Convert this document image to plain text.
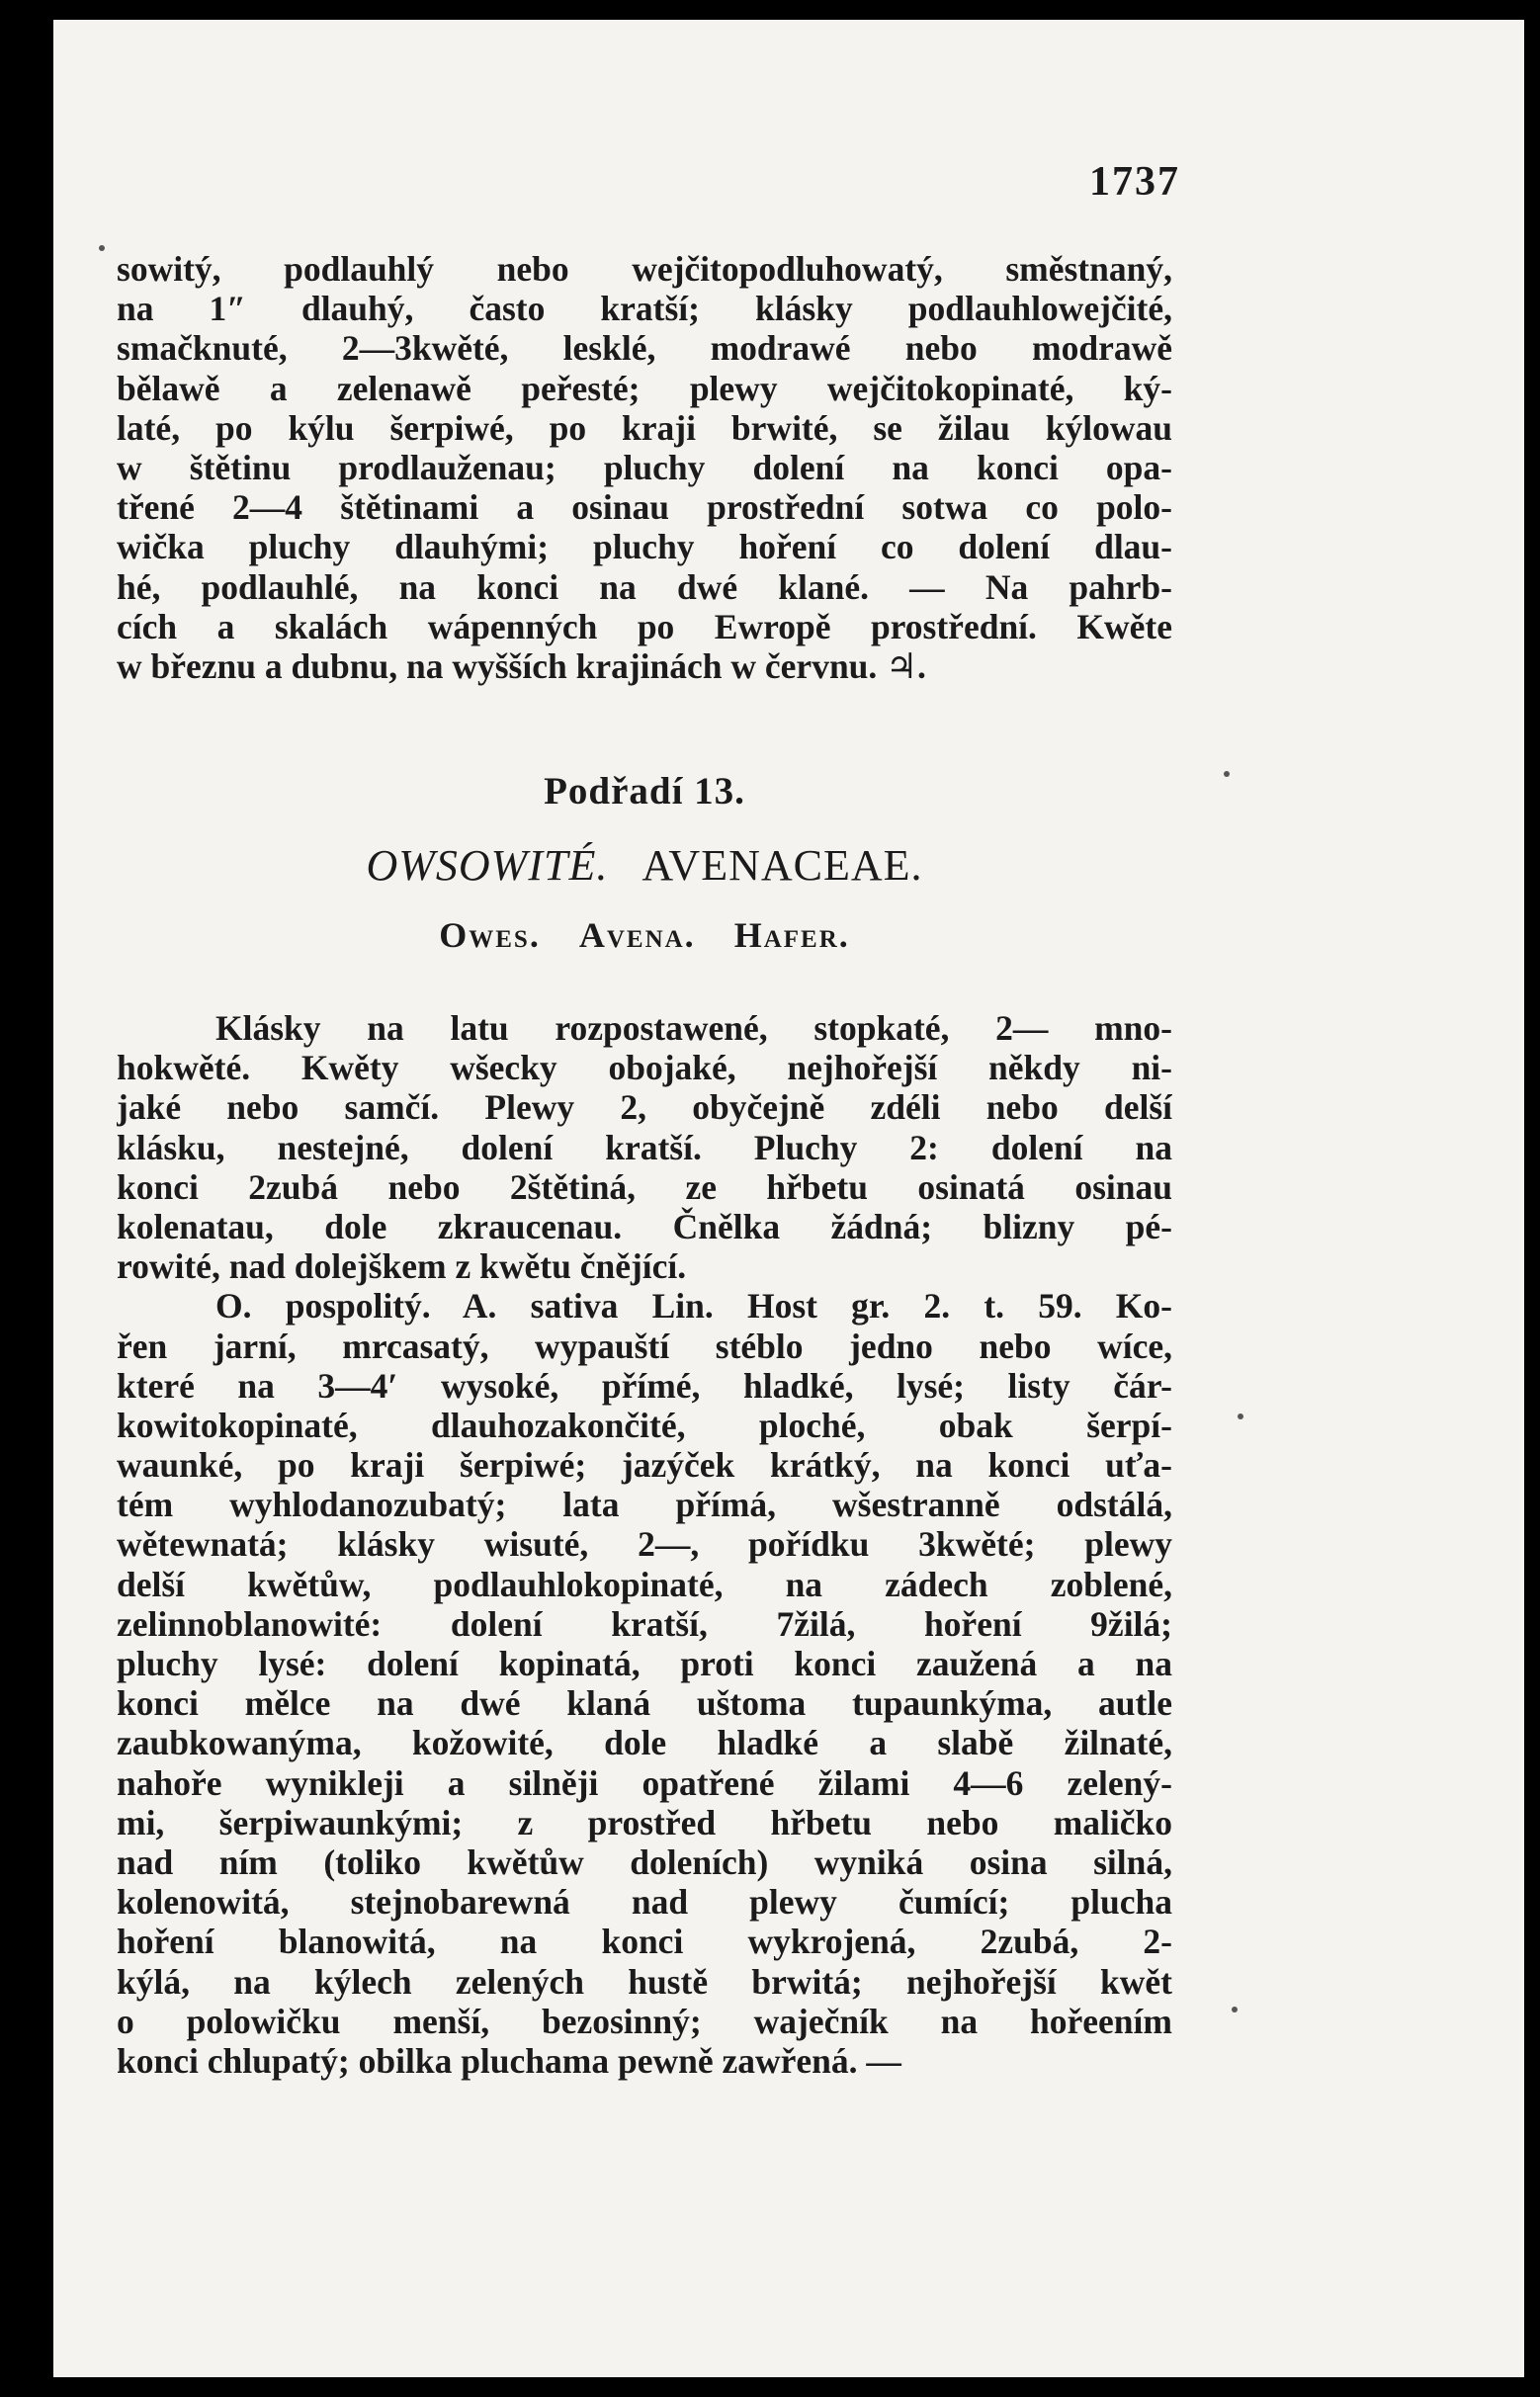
1737
sowitý, podlauhlý nebo wejčitopodluhowatý, směstnaný,
na 1″ dlauhý, často kratší; klásky podlauhlowejčité,
smačknuté, 2—3kwěté, lesklé, modrawé nebo modrawě
bělawě a zelenawě peřesté; plewy wejčitokopinaté, ký-
laté, po kýlu šerpiwé, po kraji brwité, se žilau kýlowau
w štětinu prodlauženau; pluchy dolení na konci opa-
třené 2—4 štětinami a osinau prostřední sotwa co polo-
wička pluchy dlauhými; pluchy hoření co dolení dlau-
hé, podlauhlé, na konci na dwé klané. — Na pahrb-
cích a skalách wápenných po Ewropě prostřední. Kwěte
w březnu a dubnu, na wyšších krajinách w červnu. ♃.
Podřadí 13.
OWSOWITÉ. AVENACEAE.
Owes. Avena. Hafer.
Klásky na latu rozpostawené, stopkaté, 2— mno-
hokwěté. Kwěty wšecky obojaké, nejhořejší někdy ni-
jaké nebo samčí. Plewy 2, obyčejně zdéli nebo delší
klásku, nestejné, dolení kratší. Pluchy 2: dolení na
konci 2zubá nebo 2štětiná, ze hřbetu osinatá osinau
kolenatau, dole zkraucenau. Čnělka žádná; blizny pé-
rowité, nad dolejškem z kwětu čnějící.
O. pospolitý. A. sativa Lin. Host gr. 2. t. 59. Ko-
řen jarní, mrcasatý, wypauští stéblo jedno nebo wíce,
které na 3—4′ wysoké, přímé, hladké, lysé; listy čár-
kowitokopinaté, dlauhozakončité, ploché, obak šerpí-
waunké, po kraji šerpiwé; jazýček krátký, na konci uťa-
tém wyhlodanozubatý; lata přímá, wšestranně odstálá,
wětewnatá; klásky wisuté, 2—, pořídku 3kwěté; plewy
delší kwětůw, podlauhlokopinaté, na zádech zoblené,
zelinnoblanowité: dolení kratší, 7žilá, hoření 9žilá;
pluchy lysé: dolení kopinatá, proti konci zaužená a na
konci mělce na dwé klaná uštoma tupaunkýma, autle
zaubkowanýma, kožowité, dole hladké a slabě žilnaté,
nahoře wynikleji a silněji opatřené žilami 4—6 zelený-
mi, šerpiwaunkými; z prostřed hřbetu nebo maličko
nad ním (toliko kwětůw doleních) wyniká osina silná,
kolenowitá, stejnobarewná nad plewy čumící; plucha
hoření blanowitá, na konci wykrojená, 2zubá, 2-
kýlá, na kýlech zelených hustě brwitá; nejhořejší kwět
o polowičku menší, bezosinný; waječník na hořeením
konci chlupatý; obilka pluchama pewně zawřená. —
